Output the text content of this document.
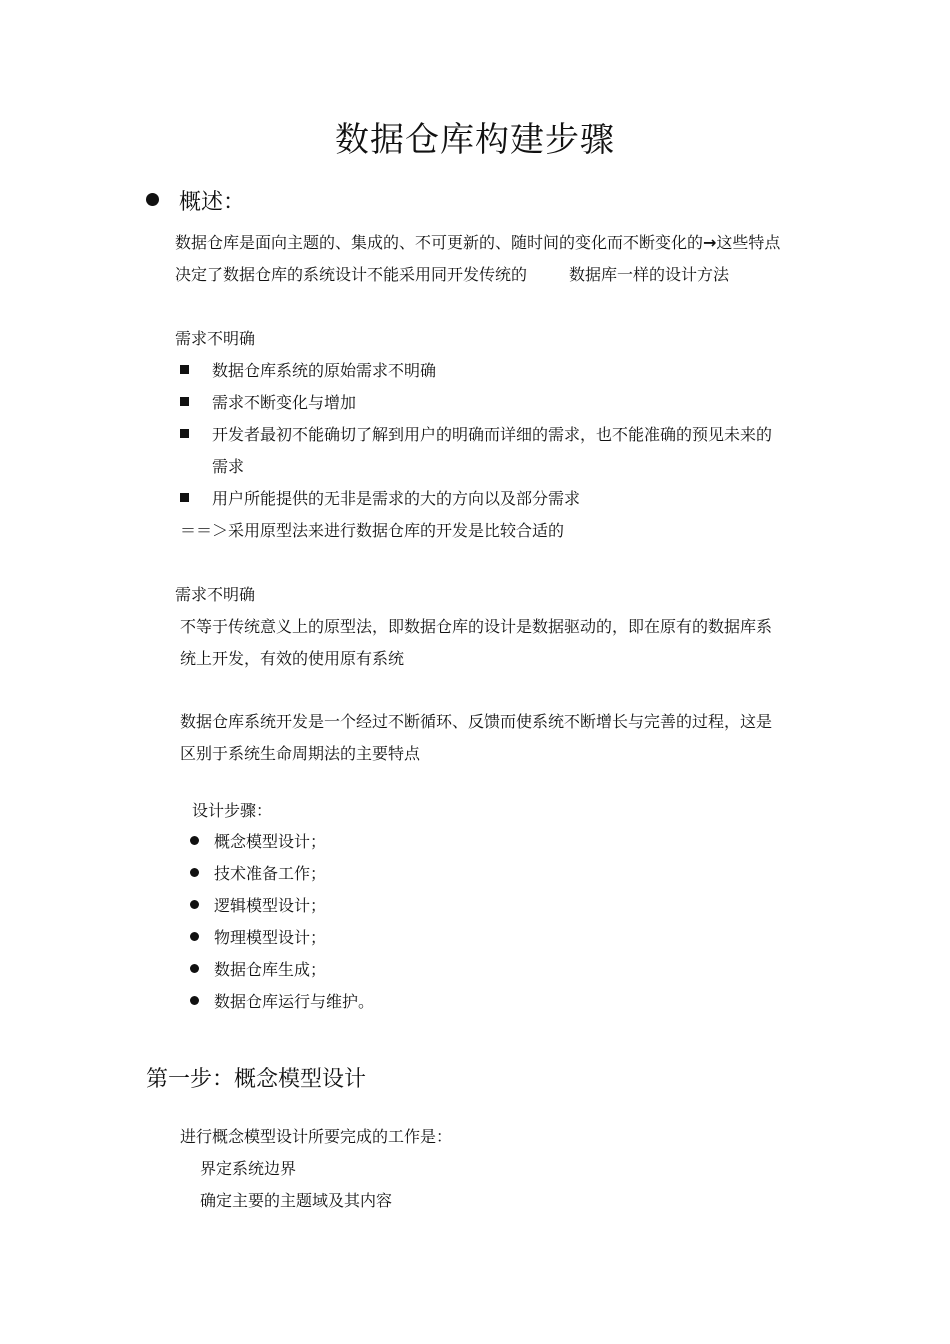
数据仓库构建步骤
概述：
数据仓库是面向主题的、集成的、不可更新的、随时间的变化而不断变化的→这些特点
决定了数据仓库的系统设计不能采用同开发传统的	数据库一样的设计方法
需求不明确
数据仓库系统的原始需求不明确
需求不断变化与增加
开发者最初不能确切了解到用户的明确而详细的需求，也不能准确的预见未来的
需求
用户所能提供的无非是需求的大的方向以及部分需求
＝＝＞采用原型法来进行数据仓库的开发是比较合适的
需求不明确
不等于传统意义上的原型法，即数据仓库的设计是数据驱动的，即在原有的数据库系
统上开发，有效的使用原有系统
数据仓库系统开发是一个经过不断循环、反馈而使系统不断增长与完善的过程，这是
区别于系统生命周期法的主要特点
设计步骤：
概念模型设计；
技术准备工作；
逻辑模型设计；
物理模型设计；
数据仓库生成；
数据仓库运行与维护。
第一步：概念模型设计
进行概念模型设计所要完成的工作是：
界定系统边界
确定主要的主题域及其内容
